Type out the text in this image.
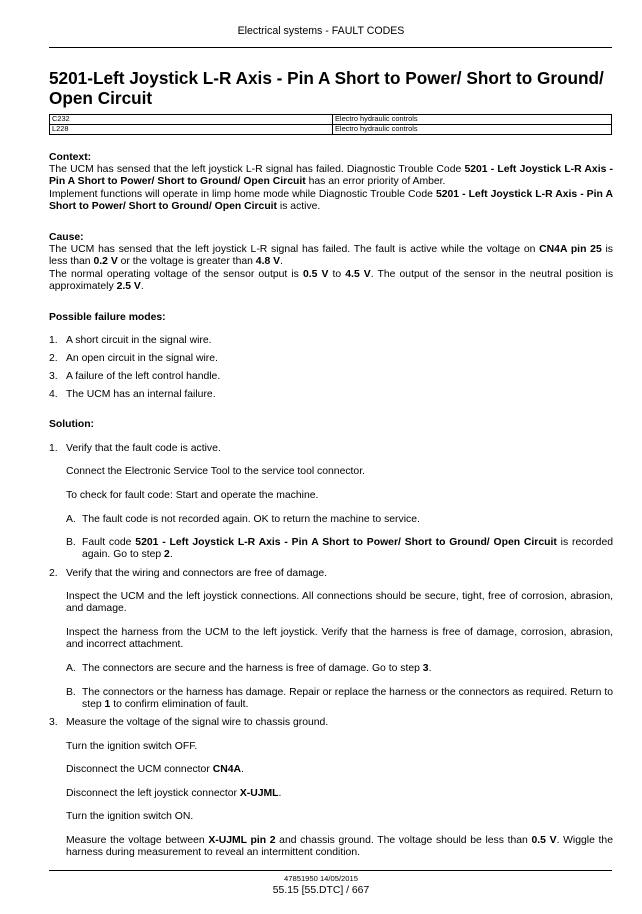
Electrical systems - FAULT CODES
5201-Left Joystick L-R Axis - Pin A Short to Power/ Short to Ground/ Open Circuit
C232	Electro hydraulic controls
L228	Electro hydraulic controls
Context:
The UCM has sensed that the left joystick L-R signal has failed. Diagnostic Trouble Code 5201 - Left Joystick L-R Axis - Pin A Short to Power/ Short to Ground/ Open Circuit has an error priority of Amber.
Implement functions will operate in limp home mode while Diagnostic Trouble Code 5201 - Left Joystick L-R Axis - Pin A Short to Power/ Short to Ground/ Open Circuit is active.
Cause:
The UCM has sensed that the left joystick L-R signal has failed. The fault is active while the voltage on CN4A pin 25 is less than 0.2 V or the voltage is greater than 4.8 V.
The normal operating voltage of the sensor output is 0.5 V to 4.5 V. The output of the sensor in the neutral position is approximately 2.5 V.
Possible failure modes:
1. A short circuit in the signal wire.
2. An open circuit in the signal wire.
3. A failure of the left control handle.
4. The UCM has an internal failure.
Solution:
1. Verify that the fault code is active.
Connect the Electronic Service Tool to the service tool connector.
To check for fault code: Start and operate the machine.
A. The fault code is not recorded again. OK to return the machine to service.
B. Fault code 5201 - Left Joystick L-R Axis - Pin A Short to Power/ Short to Ground/ Open Circuit is recorded again. Go to step 2.
2. Verify that the wiring and connectors are free of damage.
Inspect the UCM and the left joystick connections. All connections should be secure, tight, free of corrosion, abrasion, and damage.
Inspect the harness from the UCM to the left joystick. Verify that the harness is free of damage, corrosion, abrasion, and incorrect attachment.
A. The connectors are secure and the harness is free of damage. Go to step 3.
B. The connectors or the harness has damage. Repair or replace the harness or the connectors as required. Return to step 1 to confirm elimination of fault.
3. Measure the voltage of the signal wire to chassis ground.
Turn the ignition switch OFF.
Disconnect the UCM connector CN4A.
Disconnect the left joystick connector X-UJML.
Turn the ignition switch ON.
Measure the voltage between X-UJML pin 2 and chassis ground. The voltage should be less than 0.5 V. Wiggle the harness during measurement to reveal an intermittent condition.
47851950 14/05/2015
55.15 [55.DTC] / 667
